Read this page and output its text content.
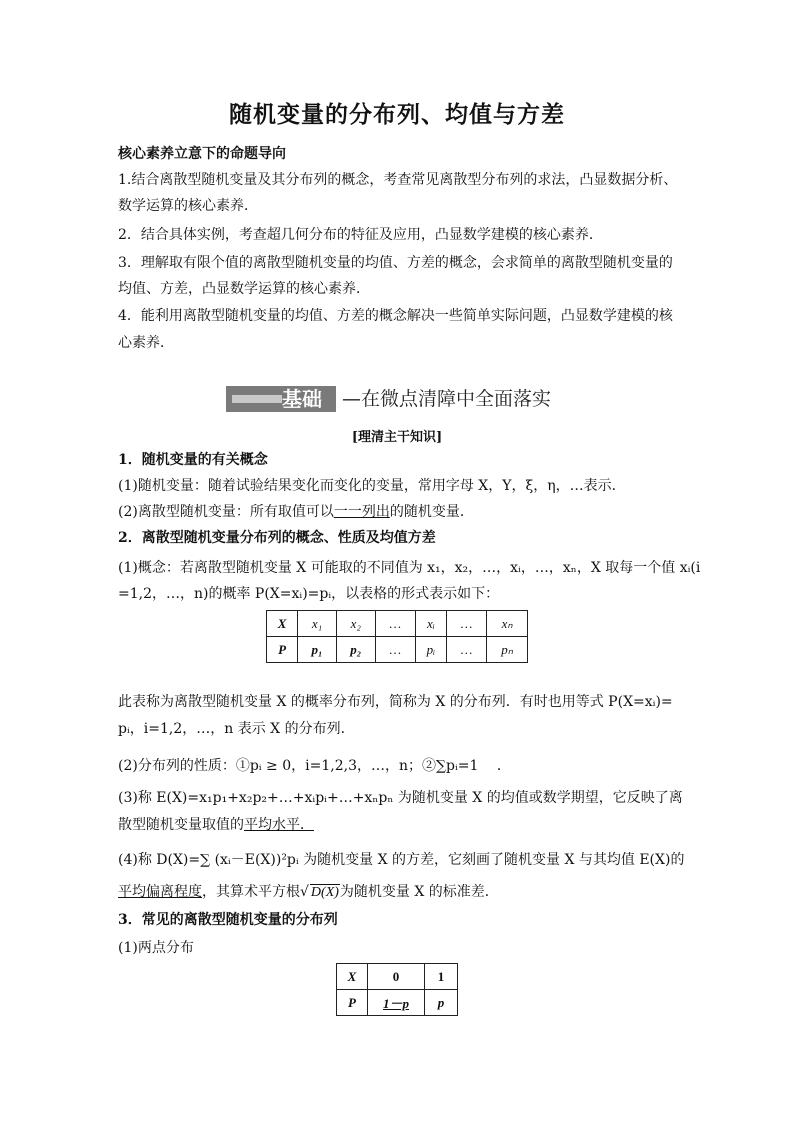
随机变量的分布列、均值与方差
核心素养立意下的命题导向
1.结合离散型随机变量及其分布列的概念，考查常见离散型分布列的求法，凸显数据分析、
数学运算的核心素养．
2．结合具体实例，考查超几何分布的特征及应用，凸显数学建模的核心素养．
3．理解取有限个值的离散型随机变量的均值、方差的概念，会求简单的离散型随机变量的
均值、方差，凸显数学运算的核心素养．
4．能利用离散型随机变量的均值、方差的概念解决一些简单实际问题，凸显数学建模的核
心素养．
基础 —在微点清障中全面落实
[理清主干知识]
1．随机变量的有关概念
(1)随机变量：随着试验结果变化而变化的变量，常用字母 X，Y，ξ，η，…表示．
(2)离散型随机变量：所有取值可以一一列出的随机变量．
2．离散型随机变量分布列的概念、性质及均值方差
(1)概念：若离散型随机变量 X 可能取的不同值为 x₁，x₂，…，xᵢ，…，xₙ，X 取每一个值 xᵢ(i
=1,2，…，n)的概率 P(X=xᵢ)=pᵢ，以表格的形式表示如下：
X	x₁	x₂	…	xᵢ	…	xₙ
P	p₁	p₂	…	pᵢ	…	pₙ
此表称为离散型随机变量 X 的概率分布列，简称为 X 的分布列．有时也用等式 P(X=xᵢ)=
pᵢ，i=1,2，…，n 表示 X 的分布列．
(2)分布列的性质：①pᵢ ≥ 0，i=1,2,3，…，n；②∑pᵢ=1 　．
(3)称 E(X)=x₁p₁+x₂p₂+…+xᵢpᵢ+…+xₙpₙ 为随机变量 X 的均值或数学期望，它反映了离
散型随机变量取值的平均水平．
(4)称 D(X)=∑ (xᵢ－E(X))²pᵢ 为随机变量 X 的方差，它刻画了随机变量 X 与其均值 E(X)的
平均偏离程度，其算术平方根√ D(X)为随机变量 X 的标准差．
3．常见的离散型随机变量的分布列
(1)两点分布
X	0	1
P	1－p	p
